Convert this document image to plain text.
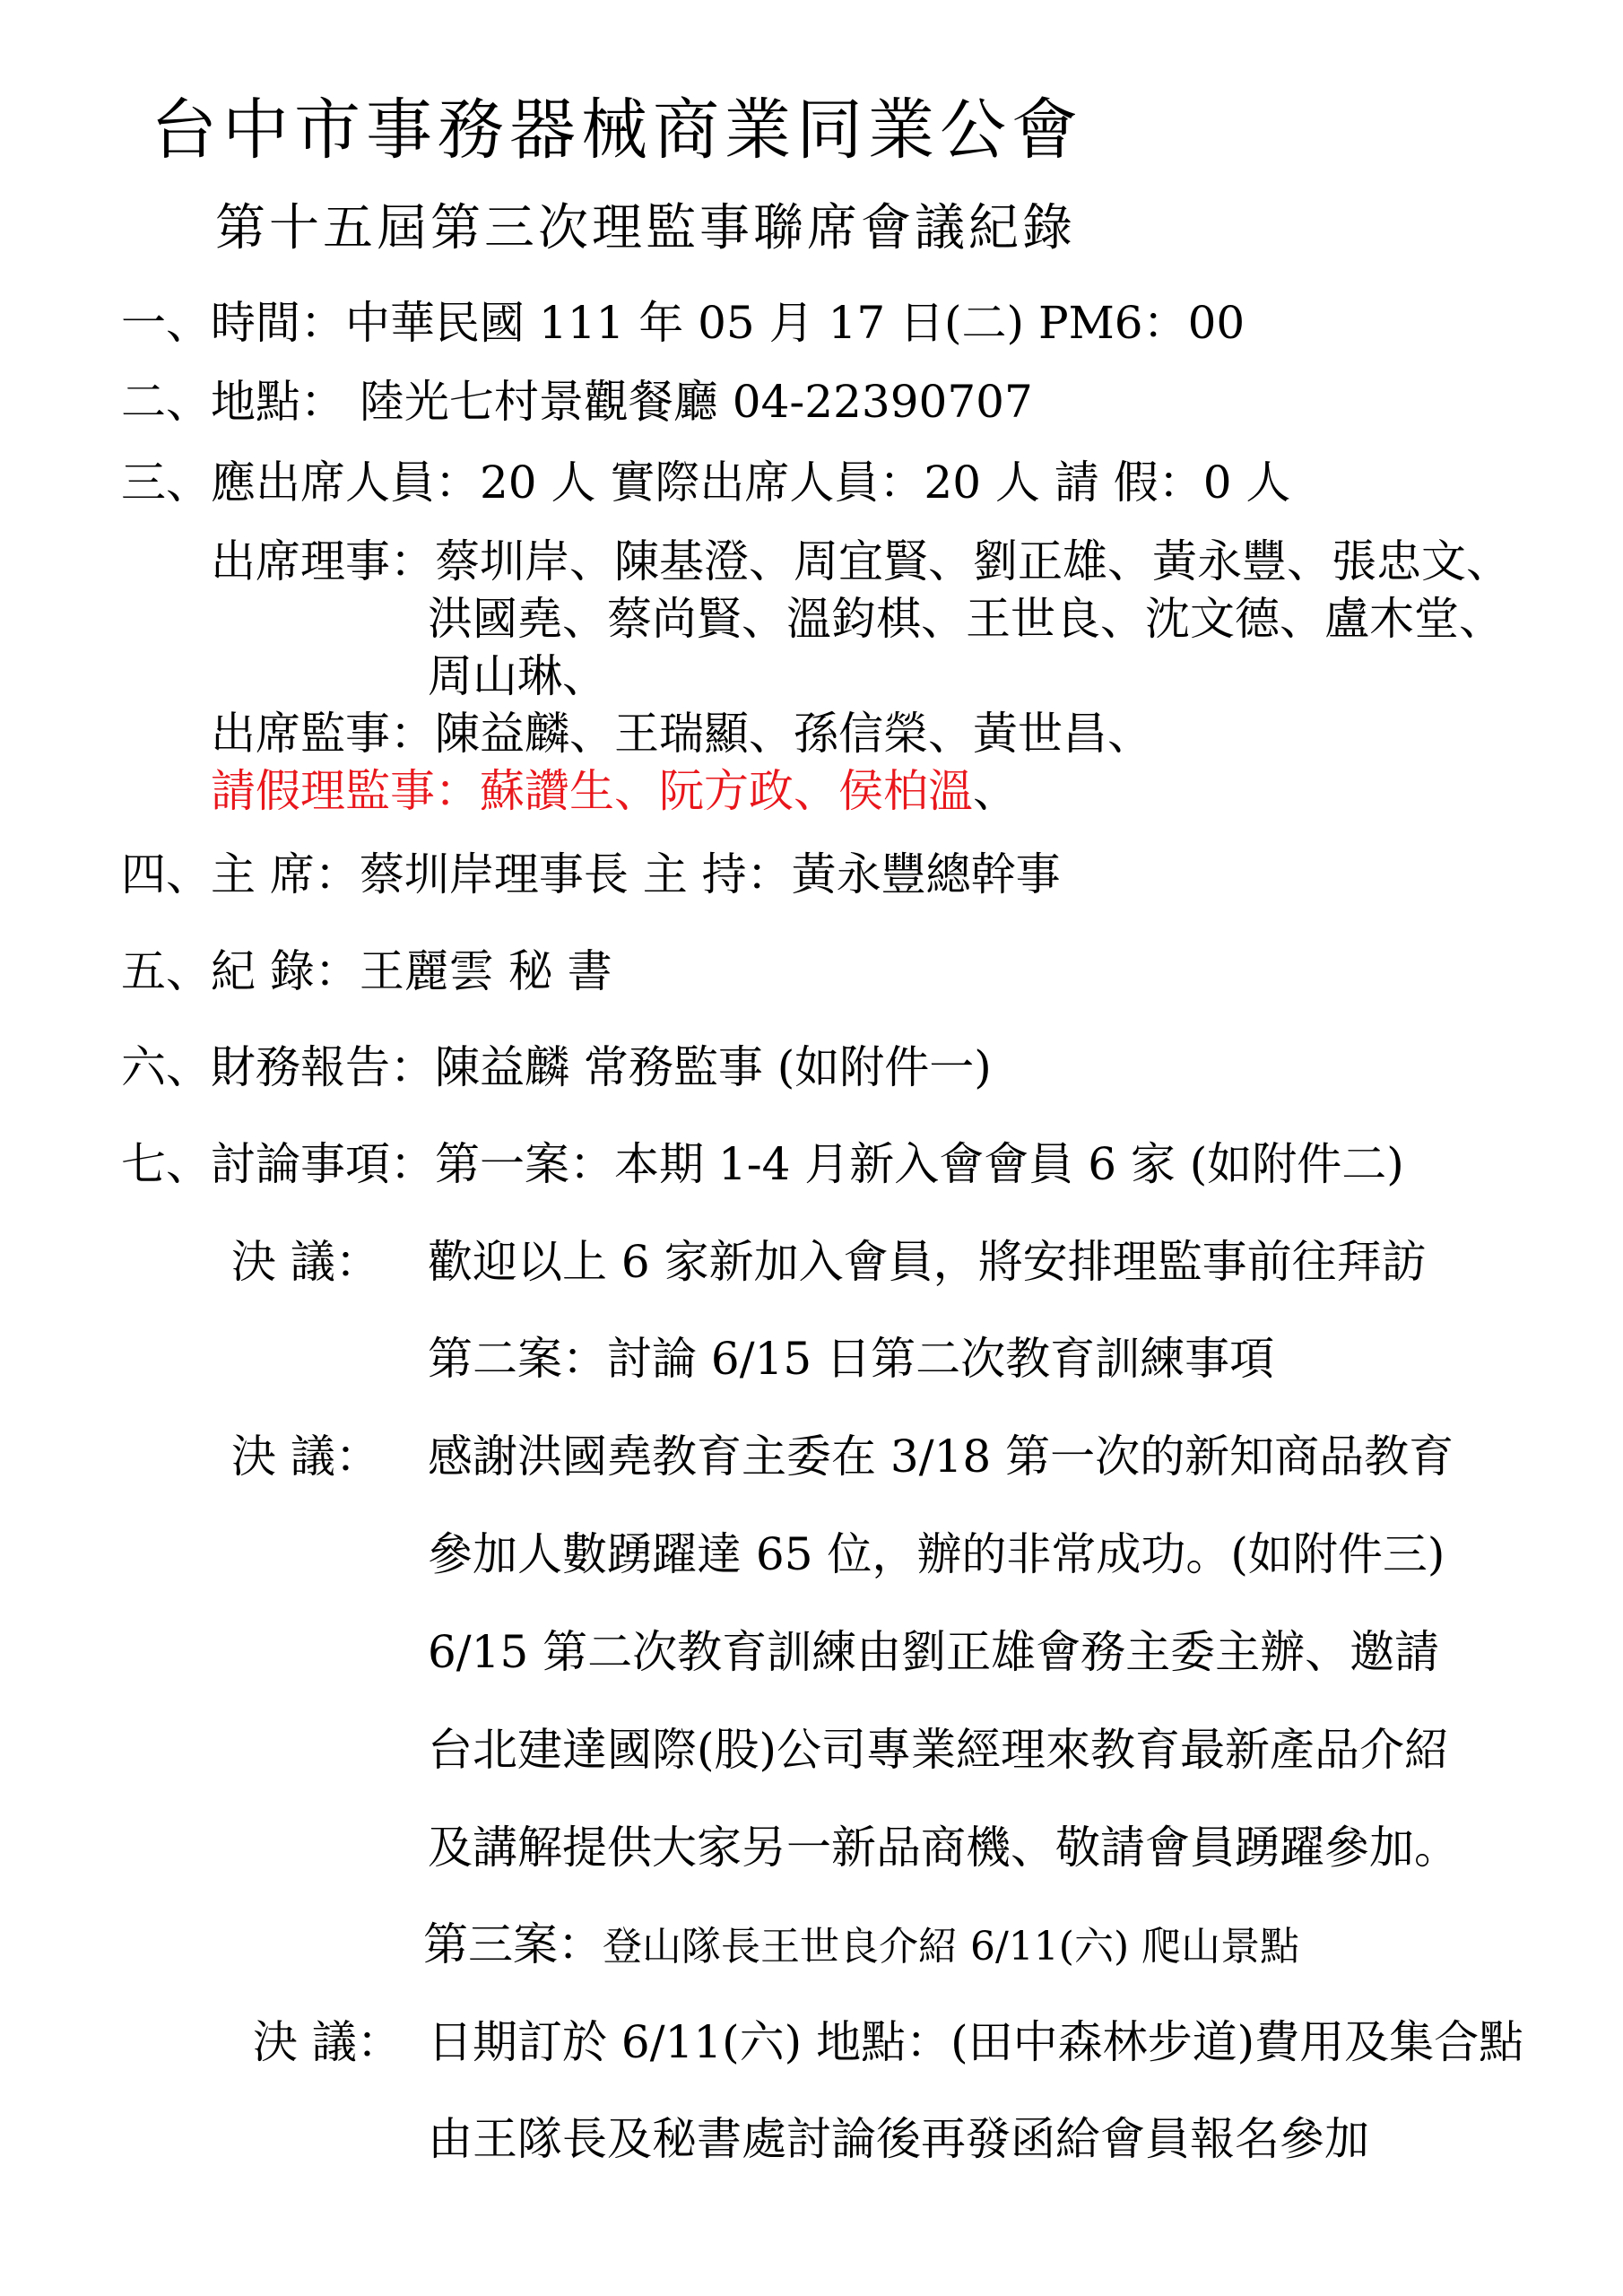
台中市事務器械商業同業公會
第十五屆第三次理監事聯席會議紀錄
一、時間：中華民國 111 年 05 月 17 日(二) PM6：00
二、地點： 陸光七村景觀餐廳 04-22390707
三、應出席人員：20 人 實際出席人員：20 人 請 假：0 人
出席理事：蔡圳岸、陳基澄、周宜賢、劉正雄、黃永豐、張忠文、
洪國堯、蔡尚賢、溫鈞棋、王世良、沈文德、盧木堂、
周山琳、
出席監事：陳益麟、王瑞顯、孫信榮、黃世昌、
請假理監事：蘇讚生、阮方政、侯柏溫、
四、主 席：蔡圳岸理事長 主 持：黃永豐總幹事
五、紀 錄：王麗雲 秘 書
六、財務報告：陳益麟 常務監事 (如附件一)
七、討論事項：第一案：本期 1-4 月新入會會員 6 家 (如附件二)
決 議： 歡迎以上 6 家新加入會員，將安排理監事前往拜訪
第二案：討論 6/15 日第二次教育訓練事項
決 議： 感謝洪國堯教育主委在 3/18 第一次的新知商品教育
參加人數踴躍達 65 位，辦的非常成功。(如附件三)
6/15 第二次教育訓練由劉正雄會務主委主辦、邀請
台北建達國際(股)公司專業經理來教育最新產品介紹
及講解提供大家另一新品商機、敬請會員踴躍參加。
第三案：登山隊長王世良介紹 6/11(六) 爬山景點
決 議： 日期訂於 6/11(六) 地點：(田中森林步道)費用及集合點
由王隊長及秘書處討論後再發函給會員報名參加
